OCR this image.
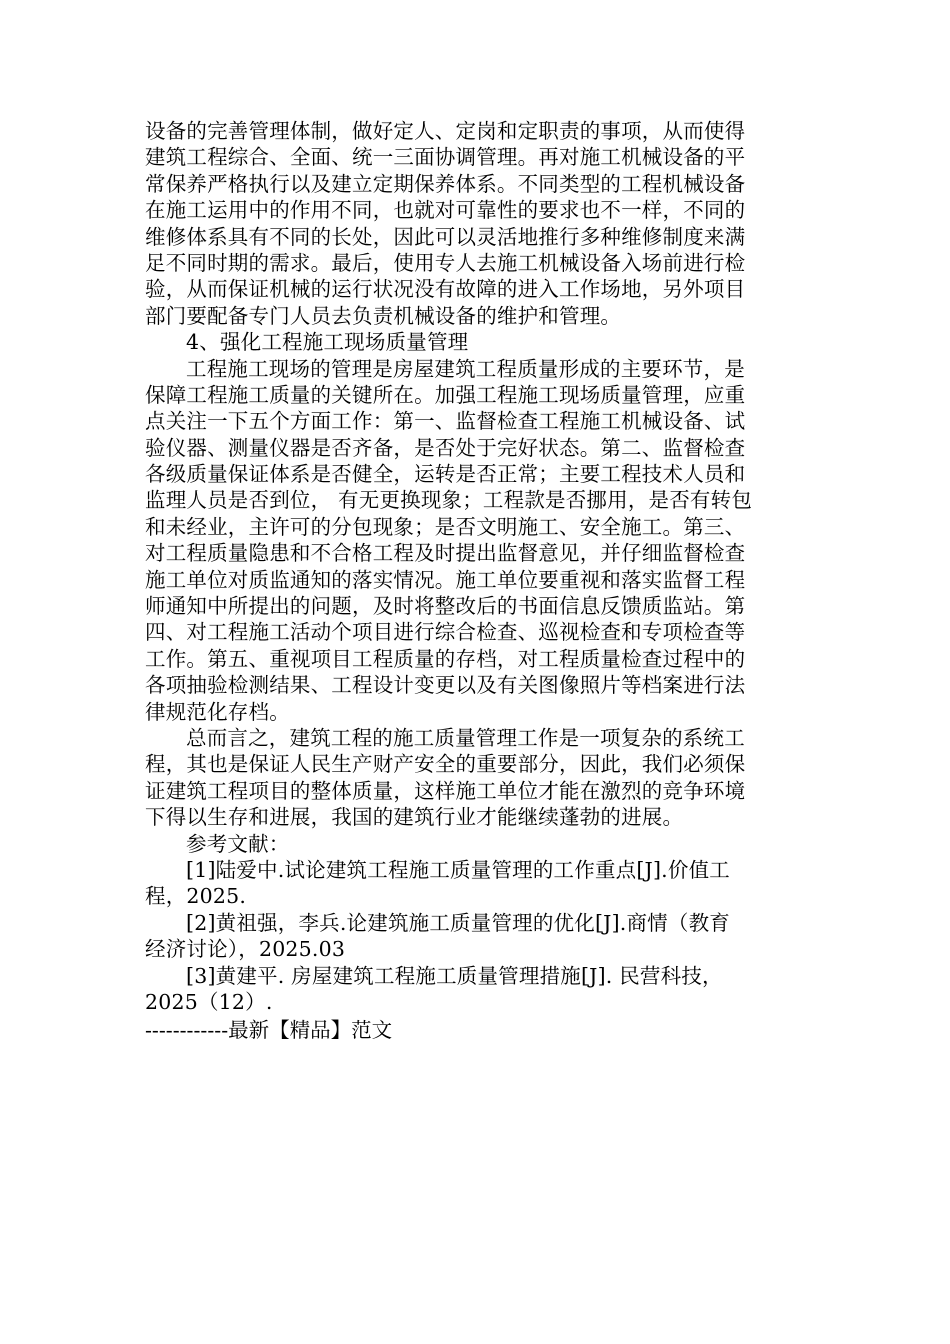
设备的完善管理体制，做好定人、定岗和定职责的事项，从而使得
建筑工程综合、全面、统一三面协调管理。再对施工机械设备的平
常保养严格执行以及建立定期保养体系。不同类型的工程机械设备
在施工运用中的作用不同，也就对可靠性的要求也不一样，不同的
维修体系具有不同的长处，因此可以灵活地推行多种维修制度来满
足不同时期的需求。最后，使用专人去施工机械设备入场前进行检
验，从而保证机械的运行状况没有故障的进入工作场地，另外项目
部门要配备专门人员去负责机械设备的维护和管理。
4、强化工程施工现场质量管理
工程施工现场的管理是房屋建筑工程质量形成的主要环节，是
保障工程施工质量的关键所在。加强工程施工现场质量管理，应重
点关注一下五个方面工作：第一、监督检查工程施工机械设备、试
验仪器、测量仪器是否齐备，是否处于完好状态。第二、监督检查
各级质量保证体系是否健全，运转是否正常；主要工程技术人员和
监理人员是否到位， 有无更换现象；工程款是否挪用，是否有转包
和未经业，主许可的分包现象；是否文明施工、安全施工。第三、
对工程质量隐患和不合格工程及时提出监督意见，并仔细监督检查
施工单位对质监通知的落实情况。施工单位要重视和落实监督工程
师通知中所提出的问题，及时将整改后的书面信息反馈质监站。第
四、对工程施工活动个项目进行综合检查、巡视检查和专项检查等
工作。第五、重视项目工程质量的存档，对工程质量检查过程中的
各项抽验检测结果、工程设计变更以及有关图像照片等档案进行法
律规范化存档。
总而言之，建筑工程的施工质量管理工作是一项复杂的系统工
程，其也是保证人民生产财产安全的重要部分，因此，我们必须保
证建筑工程项目的整体质量，这样施工单位才能在激烈的竞争环境
下得以生存和进展，我国的建筑行业才能继续蓬勃的进展。
参考文献：
[1]陆爱中.试论建筑工程施工质量管理的工作重点[J].价值工
程，2025.
[2]黄祖强，李兵.论建筑施工质量管理的优化[J].商情（教育
经济讨论），2025.03
[3]黄建平. 房屋建筑工程施工质量管理措施[J]. 民营科技，
2025（12）.
------------最新【精品】范文
